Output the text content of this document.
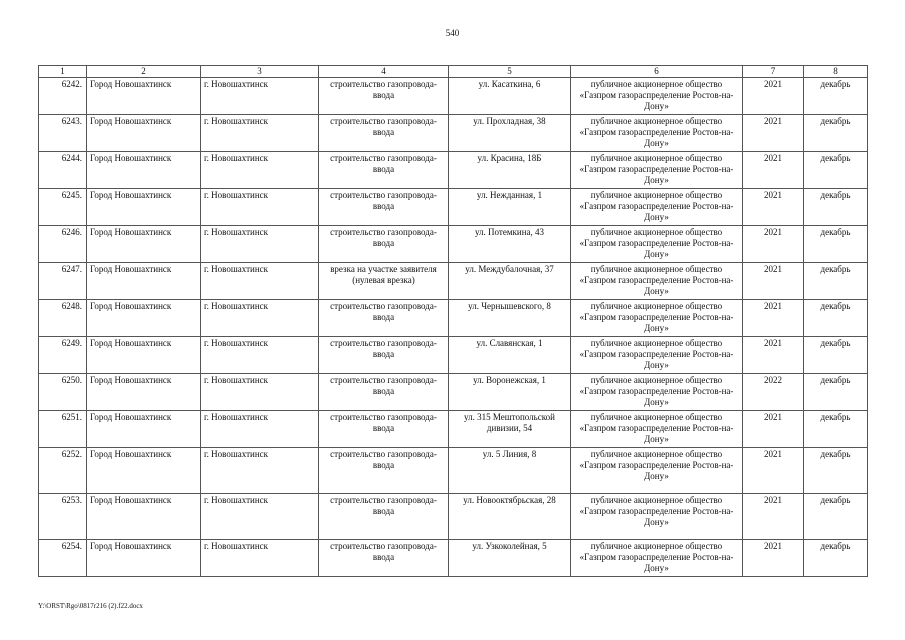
540
1	2	3	4	5	6	7	8
6242.	Город Новошахтинск	г. Новошахтинск	строительство газопровода-ввода	ул. Касаткина, 6	публичное акционерное общество «Газпром газораспределение Ростов-на-Дону»	2021	декабрь
6243.	Город Новошахтинск	г. Новошахтинск	строительство газопровода-ввода	ул. Прохладная, 38	публичное акционерное общество «Газпром газораспределение Ростов-на-Дону»	2021	декабрь
6244.	Город Новошахтинск	г. Новошахтинск	строительство газопровода-ввода	ул. Красина, 18Б	публичное акционерное общество «Газпром газораспределение Ростов-на-Дону»	2021	декабрь
6245.	Город Новошахтинск	г. Новошахтинск	строительство газопровода-ввода	ул. Нежданная, 1	публичное акционерное общество «Газпром газораспределение Ростов-на-Дону»	2021	декабрь
6246.	Город Новошахтинск	г. Новошахтинск	строительство газопровода-ввода	ул. Потемкина, 43	публичное акционерное общество «Газпром газораспределение Ростов-на-Дону»	2021	декабрь
6247.	Город Новошахтинск	г. Новошахтинск	врезка на участке заявителя (нулевая врезка)	ул. Междубалочная, 37	публичное акционерное общество «Газпром газораспределение Ростов-на-Дону»	2021	декабрь
6248.	Город Новошахтинск	г. Новошахтинск	строительство газопровода-ввода	ул. Чернышевского, 8	публичное акционерное общество «Газпром газораспределение Ростов-на-Дону»	2021	декабрь
6249.	Город Новошахтинск	г. Новошахтинск	строительство газопровода-ввода	ул. Славянская, 1	публичное акционерное общество «Газпром газораспределение Ростов-на-Дону»	2021	декабрь
6250.	Город Новошахтинск	г. Новошахтинск	строительство газопровода-ввода	ул. Воронежская, 1	публичное акционерное общество «Газпром газораспределение Ростов-на-Дону»	2022	декабрь
6251.	Город Новошахтинск	г. Новошахтинск	строительство газопровода-ввода	ул. 315 Мештопольской дивизии, 54	публичное акционерное общество «Газпром газораспределение Ростов-на-Дону»	2021	декабрь
6252.	Город Новошахтинск	г. Новошахтинск	строительство газопровода-ввода	ул. 5 Линия, 8	публичное акционерное общество «Газпром газораспределение Ростов-на-Дону»	2021	декабрь
6253.	Город Новошахтинск	г. Новошахтинск	строительство газопровода-ввода	ул. Новооктябрьская, 28	публичное акционерное общество «Газпром газораспределение Ростов-на-Дону»	2021	декабрь
6254.	Город Новошахтинск	г. Новошахтинск	строительство газопровода-ввода	ул. Узкоколейная, 5	публичное акционерное общество «Газпром газораспределение Ростов-на-Дону»	2021	декабрь
Y:\ORST\Rgo\0817r216 (2).f22.docx
